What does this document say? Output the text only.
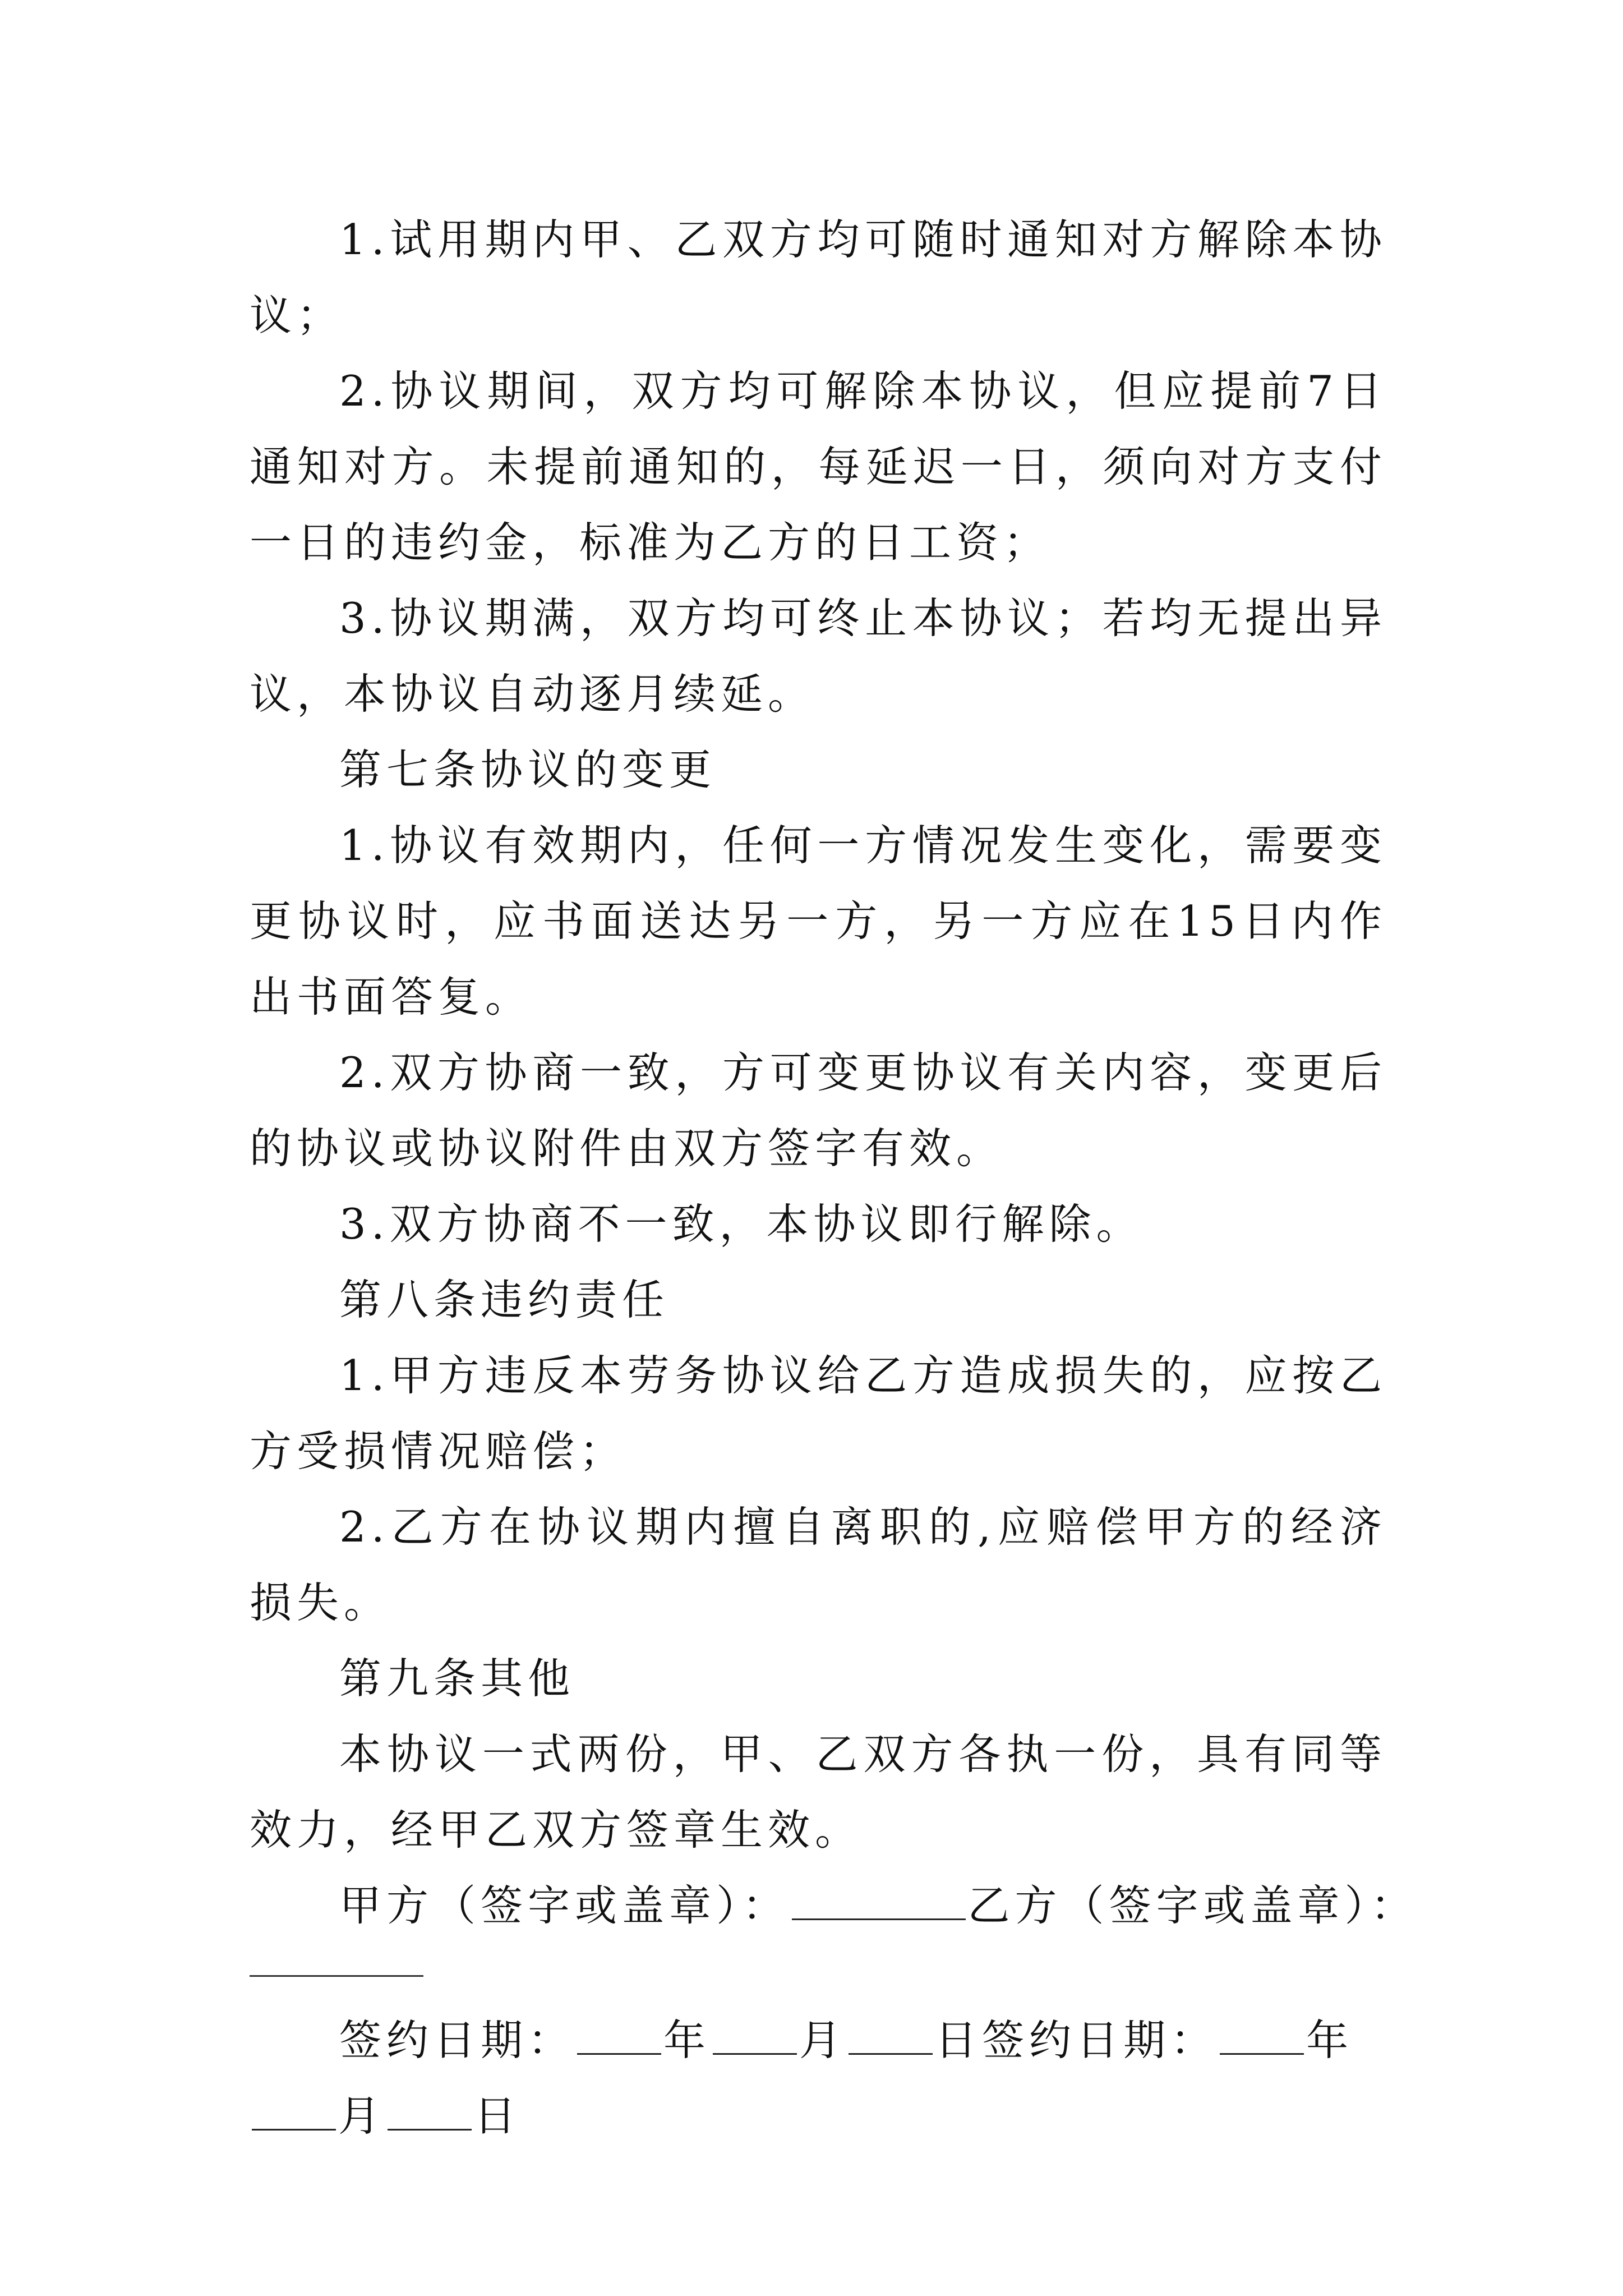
1.试用期内甲、乙双方均可随时通知对方解除本协议；

2.协议期间，双方均可解除本协议，但应提前7日通知对方。未提前通知的，每延迟一日，须向对方支付一日的违约金，标准为乙方的日工资；

3.协议期满，双方均可终止本协议；若均无提出异议，本协议自动逐月续延。

第七条协议的变更

1.协议有效期内，任何一方情况发生变化，需要变更协议时，应书面送达另一方，另一方应在15日内作出书面答复。

2.双方协商一致，方可变更协议有关内容，变更后的协议或协议附件由双方签字有效。

3.双方协商不一致，本协议即行解除。

第八条违约责任

1.甲方违反本劳务协议给乙方造成损失的，应按乙方受损情况赔偿；

2.乙方在协议期内擅自离职的,应赔偿甲方的经济损失。

第九条其他

本协议一式两份，甲、乙双方各执一份，具有同等效力，经甲乙双方签章生效。

甲方（签字或盖章）：	乙方（签字或盖章）：

签约日期： 年 月 日签约日期： 年月 日
